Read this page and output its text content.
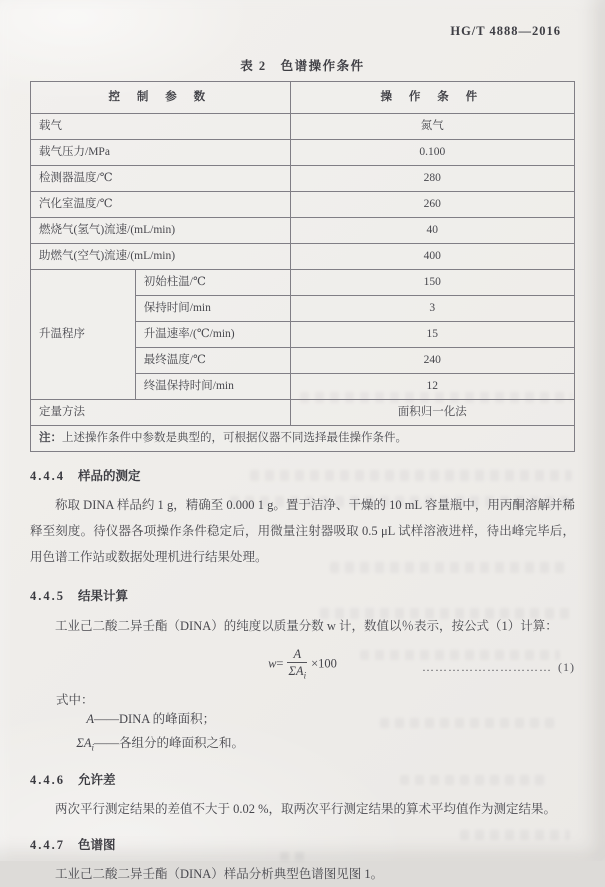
HG/T 4888—2016
表 2　色谱操作条件
控 制 参 数		操 作 条 件
载气		氮气
载气压力/MPa		0.100
检测器温度/℃		280
汽化室温度/℃		260
燃烧气(氢气)流速/(mL/min)		40
助燃气(空气)流速/(mL/min)		400
升温程序	初始柱温/℃	150
	保持时间/min	3
	升温速率/(℃/min)	15
	最终温度/℃	240
	终温保持时间/min	12
定量方法		面积归一化法
注：上述操作条件中参数是典型的，可根据仪器不同选择最佳操作条件。		
4.4.4 样品的测定
称取 DINA 样品约 1 g，精确至 0.000 1 g。置于洁净、干燥的 10 mL 容量瓶中，用丙酮溶解并稀释至刻度。待仪器各项操作条件稳定后，用微量注射器吸取 0.5 μL 试样溶液进样，待出峰完毕后，用色谱工作站或数据处理机进行结果处理。
4.4.5 结果计算
工业己二酸二异壬酯（DINA）的纯度以质量分数 w 计，数值以％表示，按公式（1）计算：
$w= \frac{A}{\Sigma A_i} \times 100$	………………………… (1)
式中：
A ——DINA 的峰面积；
$\Sigma A_i$ ——各组分的峰面积之和。
4.4.6 允许差
两次平行测定结果的差值不大于 0.02 %，取两次平行测定结果的算术平均值作为测定结果。
4.4.7 色谱图
工业己二酸二异壬酯（DINA）样品分析典型色谱图见图 1。
